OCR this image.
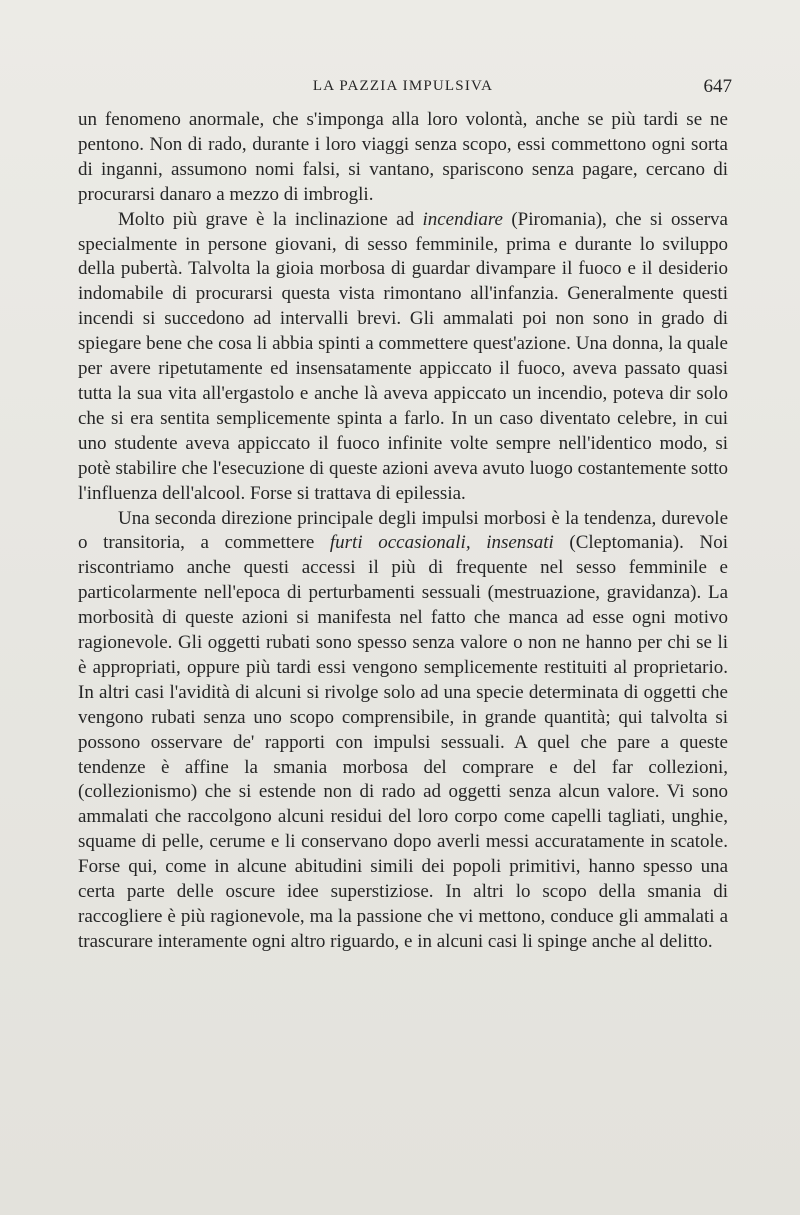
LA PAZZIA IMPULSIVA	647

un fenomeno anormale, che s'imponga alla loro volontà, anche se più tardi se ne pentono. Non di rado, durante i loro viaggi senza scopo, essi commettono ogni sorta di inganni, assumono nomi falsi, si vantano, spariscono senza pagare, cercano di procurarsi danaro a mezzo di imbrogli.

Molto più grave è la inclinazione ad incendiare (Piromania), che si osserva specialmente in persone giovani, di sesso femminile, prima e durante lo sviluppo della pubertà. Talvolta la gioia morbosa di guardar divampare il fuoco e il desiderio indomabile di procurarsi questa vista rimontano all'infanzia. Generalmente questi incendi si succedono ad intervalli brevi. Gli ammalati poi non sono in grado di spiegare bene che cosa li abbia spinti a commettere quest'azione. Una donna, la quale per avere ripetutamente ed insensatamente appiccato il fuoco, aveva passato quasi tutta la sua vita all'ergastolo e anche là aveva appiccato un incendio, poteva dir solo che si era sentita semplicemente spinta a farlo. In un caso diventato celebre, in cui uno studente aveva appiccato il fuoco infinite volte sempre nell'identico modo, si potè stabilire che l'esecuzione di queste azioni aveva avuto luogo costantemente sotto l'influenza dell'alcool. Forse si trattava di epilessia.

Una seconda direzione principale degli impulsi morbosi è la tendenza, durevole o transitoria, a commettere furti occasionali, insensati (Cleptomania). Noi riscontriamo anche questi accessi il più di frequente nel sesso femminile e particolarmente nell'epoca di perturbamenti sessuali (mestruazione, gravidanza). La morbosità di queste azioni si manifesta nel fatto che manca ad esse ogni motivo ragionevole. Gli oggetti rubati sono spesso senza valore o non ne hanno per chi se li è appropriati, oppure più tardi essi vengono semplicemente restituiti al proprietario. In altri casi l'avidità di alcuni si rivolge solo ad una specie determinata di oggetti che vengono rubati senza uno scopo comprensibile, in grande quantità; qui talvolta si possono osservare de' rapporti con impulsi sessuali. A quel che pare a queste tendenze è affine la smania morbosa del comprare e del far collezioni, (collezionismo) che si estende non di rado ad oggetti senza alcun valore. Vi sono ammalati che raccolgono alcuni residui del loro corpo come capelli tagliati, unghie, squame di pelle, cerume e li conservano dopo averli messi accuratamente in scatole. Forse qui, come in alcune abitudini simili dei popoli primitivi, hanno spesso una certa parte delle oscure idee superstiziose. In altri lo scopo della smania di raccogliere è più ragionevole, ma la passione che vi mettono, conduce gli ammalati a trascurare interamente ogni altro riguardo, e in alcuni casi li spinge anche al delitto.
